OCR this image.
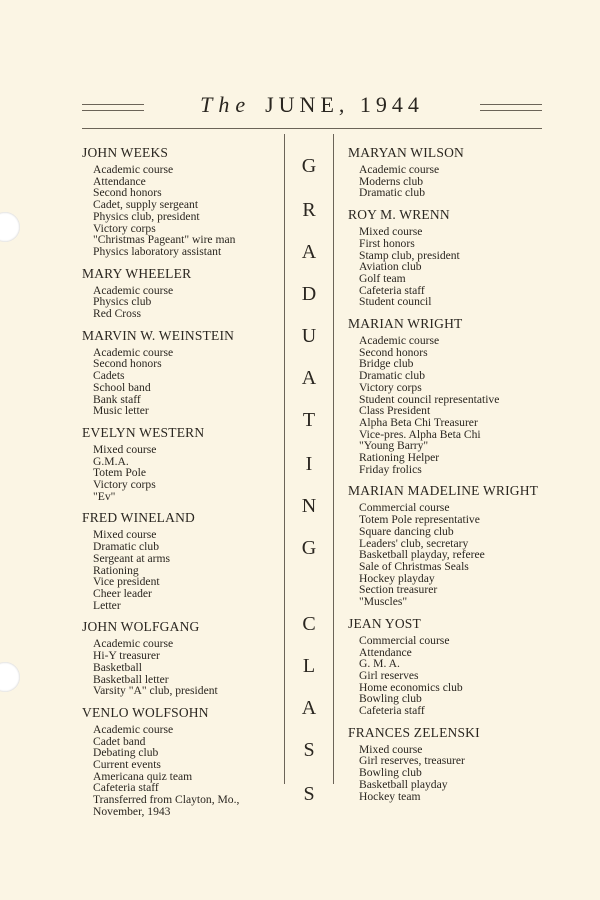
The JUNE, 1944
JOHN WEEKS
Academic course
Attendance
Second honors
Cadet, supply sergeant
Physics club, president
Victory corps
"Christmas Pageant" wire man
Physics laboratory assistant
MARY WHEELER
Academic course
Physics club
Red Cross
MARVIN W. WEINSTEIN
Academic course
Second honors
Cadets
School band
Bank staff
Music letter
EVELYN WESTERN
Mixed course
G.M.A.
Totem Pole
Victory corps
"Ev"
FRED WINELAND
Mixed course
Dramatic club
Sergeant at arms
Rationing
Vice president
Cheer leader
Letter
JOHN WOLFGANG
Academic course
Hi-Y treasurer
Basketball
Basketball letter
Varsity "A" club, president
VENLO WOLFSOHN
Academic course
Cadet band
Debating club
Current events
Americana quiz team
Cafeteria staff
Transferred from Clayton, Mo.,
November, 1943
G
R
A
D
U
A
T
I
N
G
C
L
A
S
S
MARYAN WILSON
Academic course
Moderns club
Dramatic club
ROY M. WRENN
Mixed course
First honors
Stamp club, president
Aviation club
Golf team
Cafeteria staff
Student council
MARIAN WRIGHT
Academic course
Second honors
Bridge club
Dramatic club
Victory corps
Student council representative
Class President
Alpha Beta Chi Treasurer
Vice-pres. Alpha Beta Chi
"Young Barry"
Rationing Helper
Friday frolics
MARIAN MADELINE WRIGHT
Commercial course
Totem Pole representative
Square dancing club
Leaders' club, secretary
Basketball playday, referee
Sale of Christmas Seals
Hockey playday
Section treasurer
"Muscles"
JEAN YOST
Commercial course
Attendance
G. M. A.
Girl reserves
Home economics club
Bowling club
Cafeteria staff
FRANCES ZELENSKI
Mixed course
Girl reserves, treasurer
Bowling club
Basketball playday
Hockey team
